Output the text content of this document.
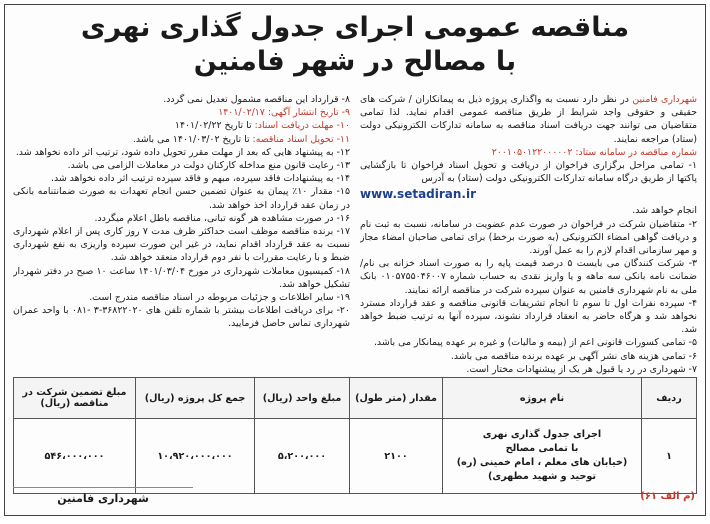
مناقصه عمومی اجرای جدول گذاری نهری
با مصالح در شهر فامنین

شهرداری فامنین در نظر دارد نسبت به واگذاری پروژه ذیل به پیمانکاران / شرکت های حقیقی و حقوقی واجد شرایط از طریق مناقصه عمومی اقدام نماید. لذا تمامی متقاضیان می توانند جهت دریافت اسناد مناقصه به سامانه تدارکات الکترونیکی دولت (ستاد) مراجعه نمایند.

شماره مناقصه در سامانه ستاد: ۲۰۰۱۰۵۰۱۲۲۰۰۰۰۰۲

۱- تمامی مراحل برگزاری فراخوان از دریافت و تحویل اسناد فراخوان تا بازگشایی پاکتها از طریق درگاه سامانه تدارکات الکترونیکی دولت (ستاد) به آدرس

www.setadiran.ir

انجام خواهد شد.

۲- متقاضیان شرکت در فراخوان در صورت عدم عضویت در سامانه، نسبت به ثبت نام و دریافت گواهی امضاء الکترونیکی (به صورت برخط) برای تمامی صاحبان امضاء مجاز و مهر سازمانی اقدام لازم را به عمل آورند.

۳- شرکت کنندگان می بایست ۵ درصد قیمت پایه را به صورت اسناد خزانه بی نام/ ضمانت نامه بانکی سه ماهه و یا واریز نقدی به حساب شماره ۰۱۰۵۷۵۵۰۴۶۰۰۷ بانک ملی به نام شهرداری فامنین به عنوان سپرده شرکت در مناقصه ارائه نمایند.

۴- سپرده نفرات اول تا سوم تا انجام تشریفات قانونی مناقصه و عقد قرارداد مسترد نخواهد شد و هرگاه حاضر به انعقاد قرارداد نشوند، سپرده آنها به ترتیب ضبط خواهد شد.

۵- تمامی کسورات قانونی اعم از (بیمه و مالیات) و غیره بر عهده پیمانکار می باشد.

۶- تمامی هزینه های نشر آگهی بر عهده برنده مناقصه می باشد.

۷- شهرداری در رد یا قبول هر یک از پیشنهادات مختار است.

۸- قرارداد این مناقصه مشمول تعدیل نمی گردد.

۹- تاریخ انتشار آگهی: ۱۴۰۱/۰۲/۱۷

۱۰- مهلت دریافت اسناد: تا تاریخ ۱۴۰۱/۰۲/۲۲

۱۱- تحویل اسناد مناقصه: تا تاریخ ۱۴۰۱/۰۳/۰۲ می باشد.

۱۲- به پیشنهاد هایی که بعد از مهلت مقرر تحویل داده شود، ترتیب اثر داده نخواهد شد.

۱۳- رعایت قانون منع مداخله کارکنان دولت در معاملات الزامی می باشد.

۱۴- به پیشنهادات فاقد سپرده، مبهم و فاقد سپرده ترتیب اثر داده نخواهد شد.

۱۵- مقدار ۱۰٪ پیمان به عنوان تضمین حسن انجام تعهدات به صورت ضمانتنامه بانکی در زمان عقد قرارداد اخذ خواهد شد.

۱۶- در صورت مشاهده هر گونه تبانی، مناقصه باطل اعلام میگردد.

۱۷- برنده مناقصه موظف است حداکثر ظرف مدت ۷ روز کاری پس از اعلام شهرداری نسبت به عقد قرارداد اقدام نماید، در غیر این صورت سپرده واریزی به نفع شهرداری ضبط و با رعایت مقررات با نفر دوم قرارداد منعقد خواهد شد.

۱۸- کمیسیون معاملات شهرداری در مورخ ۱۴۰۱/۰۳/۰۴ ساعت ۱۰ صبح در دفتر شهردار تشکیل خواهد شد.

۱۹- سایر اطلاعات و جزئیات مربوطه در اسناد مناقصه مندرج است.

۲۰- برای دریافت اطلاعات بیشتر با شماره تلفن های ۳۶۸۲۲۰۲۰-۳ -۰۸۱ با واحد عمران شهرداری تماس حاصل فرمایید.

ردیف	نام پروژه	مقدار (متر طول)	مبلغ واحد (ریال)	جمع کل پروژه (ریال)	مبلغ تضمین شرکت در مناقصه (ریال)
۱	اجرای جدول گذاری نهری
با تمامی مصالح
(خیابان های معلم ، امام خمینی (ره)
توحید و شهید مطهری)	۲۱۰۰	۵،۲۰۰،۰۰۰	۱۰،۹۲۰،۰۰۰،۰۰۰	۵۴۶،۰۰۰،۰۰۰
شهرداری فامنین	(م الف ۶۱)
